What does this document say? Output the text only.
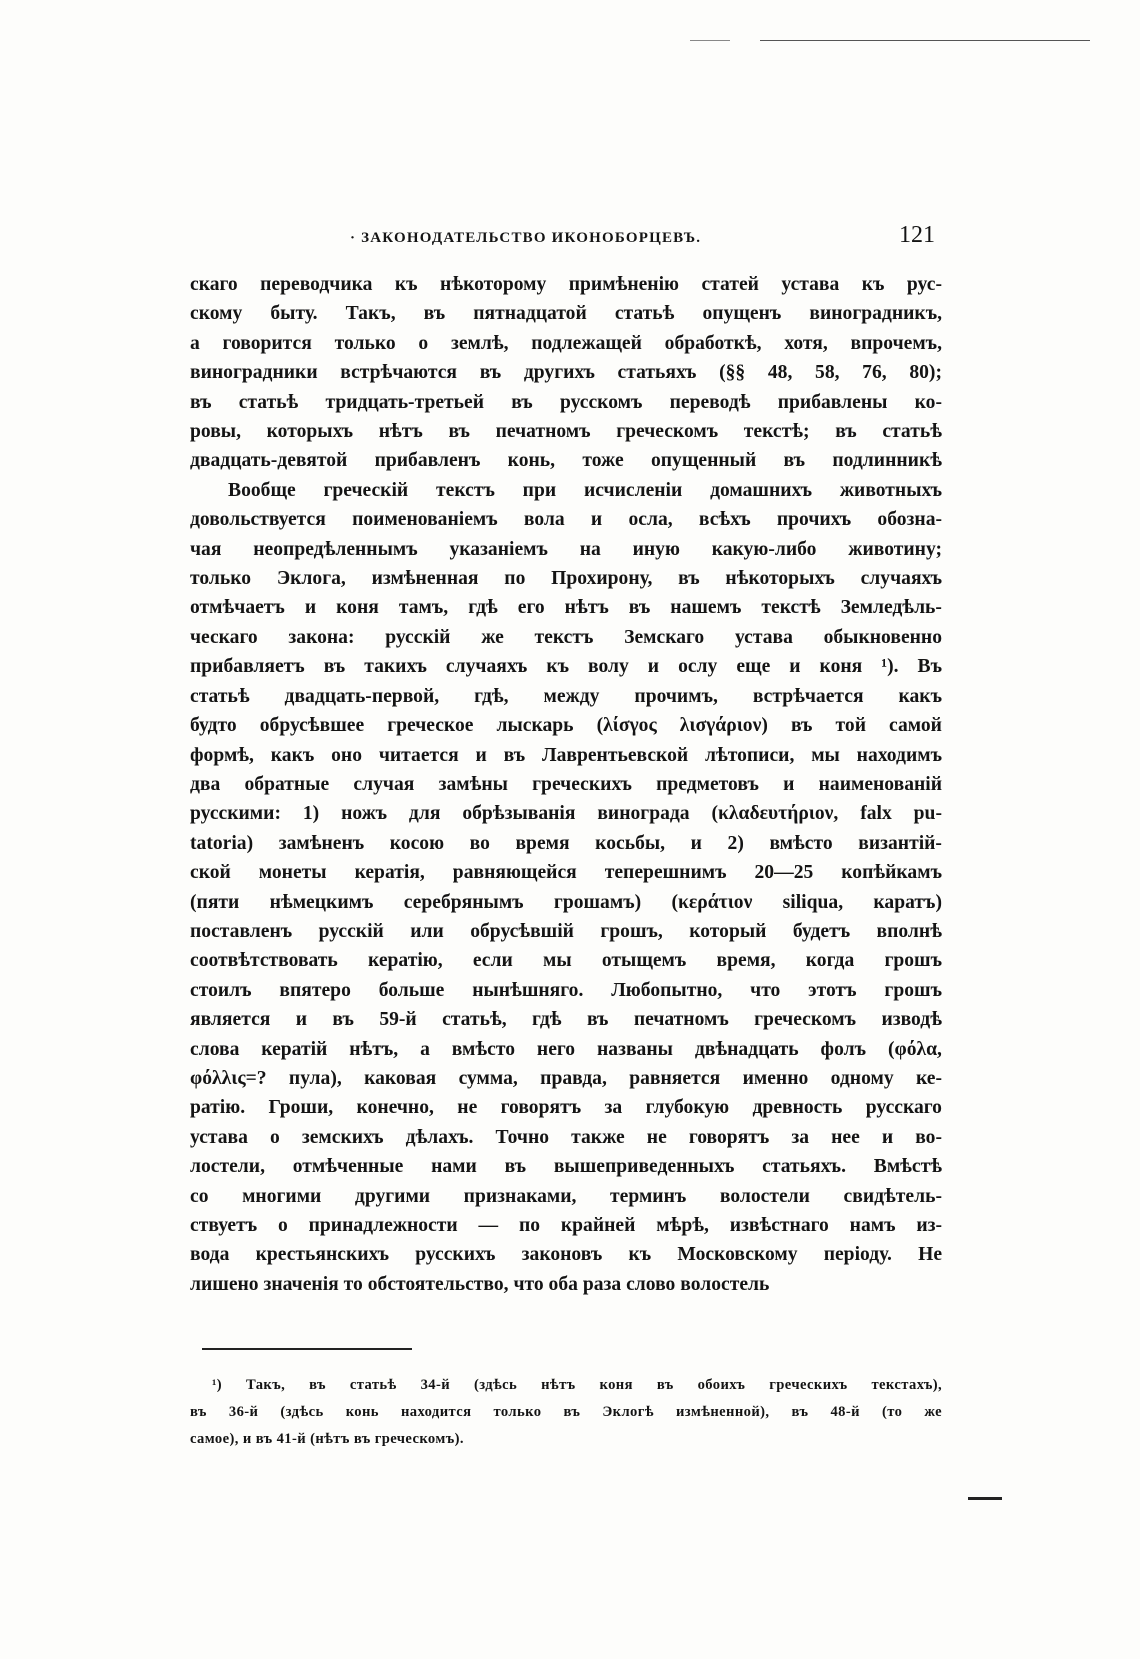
· ЗАКОНОДАТЕЛЬСТВО ИКОНОБОРЦЕВЪ.	121
скаго переводчика къ нѣкоторому примѣненію статей устава къ рус-
скому быту. Такъ, въ пятнадцатой статьѣ опущенъ виноградникъ,
а говорится только о землѣ, подлежащей обработкѣ, хотя, впрочемъ,
виноградники встрѣчаются въ другихъ статьяхъ (§§ 48, 58, 76, 80);
въ статьѣ тридцать-третьей въ русскомъ переводѣ прибавлены ко-
ровы, которыхъ нѣтъ въ печатномъ греческомъ текстѣ; въ статьѣ
двадцать-девятой прибавленъ конь, тоже опущенный въ подлинникѣ
Вообще греческій текстъ при исчисленіи домашнихъ животныхъ
довольствуется поименованіемъ вола и осла, всѣхъ прочихъ обозна-
чая неопредѣленнымъ указаніемъ на иную какую-либо животину;
только Эклога, измѣненная по Прохирону, въ нѣкоторыхъ случаяхъ
отмѣчаетъ и коня тамъ, гдѣ его нѣтъ въ нашемъ текстѣ Земледѣль-
ческаго закона: русскій же текстъ Земскаго устава обыкновенно
прибавляетъ въ такихъ случаяхъ къ волу и ослу еще и коня ¹). Въ
статьѣ двадцать-первой, гдѣ, между прочимъ, встрѣчается какъ
будто обрусѣвшее греческое лыскарь (λίσγος λισγάριον) въ той самой
формѣ, какъ оно читается и въ Лаврентьевской лѣтописи, мы находимъ
два обратные случая замѣны греческихъ предметовъ и наименованій
русскими: 1) ножъ для обрѣзыванія винограда (κλαδευτήριον, falx pu-
tatoria) замѣненъ косою во время косьбы, и 2) вмѣсто византій-
ской монеты кератія, равняющейся теперешнимъ 20—25 копѣйкамъ
(пяти нѣмецкимъ серебрянымъ грошамъ) (κεράτιον siliqua, каратъ)
поставленъ русскій или обрусѣвшій грошъ, который будетъ вполнѣ
соотвѣтствовать кератію, если мы отыщемъ время, когда грошъ
стоилъ впятеро больше нынѣшняго. Любопытно, что этотъ грошъ
является и въ 59-й статьѣ, гдѣ въ печатномъ греческомъ изводѣ
слова кератій нѣтъ, а вмѣсто него названы двѣнадцать фолъ (φόλα,
φόλλις=? пула), каковая сумма, правда, равняется именно одному ке-
ратію. Гроши, конечно, не говорятъ за глубокую древность русскаго
устава о земскихъ дѣлахъ. Точно также не говорятъ за нее и во-
лостели, отмѣченные нами въ вышеприведенныхъ статьяхъ. Вмѣстѣ
со многими другими признаками, терминъ волостели свидѣтель-
ствуетъ о принадлежности — по крайней мѣрѣ, извѣстнаго намъ из-
вода крестьянскихъ русскихъ законовъ къ Московскому періоду. Не
лишено значенія то обстоятельство, что оба раза слово волостель
¹) Такъ, въ статьѣ 34-й (здѣсь нѣтъ коня въ обоихъ греческихъ текстахъ),
въ 36-й (здѣсь конь находится только въ Эклогѣ измѣненной), въ 48-й (то же
самое), и въ 41-й (нѣтъ въ греческомъ).
